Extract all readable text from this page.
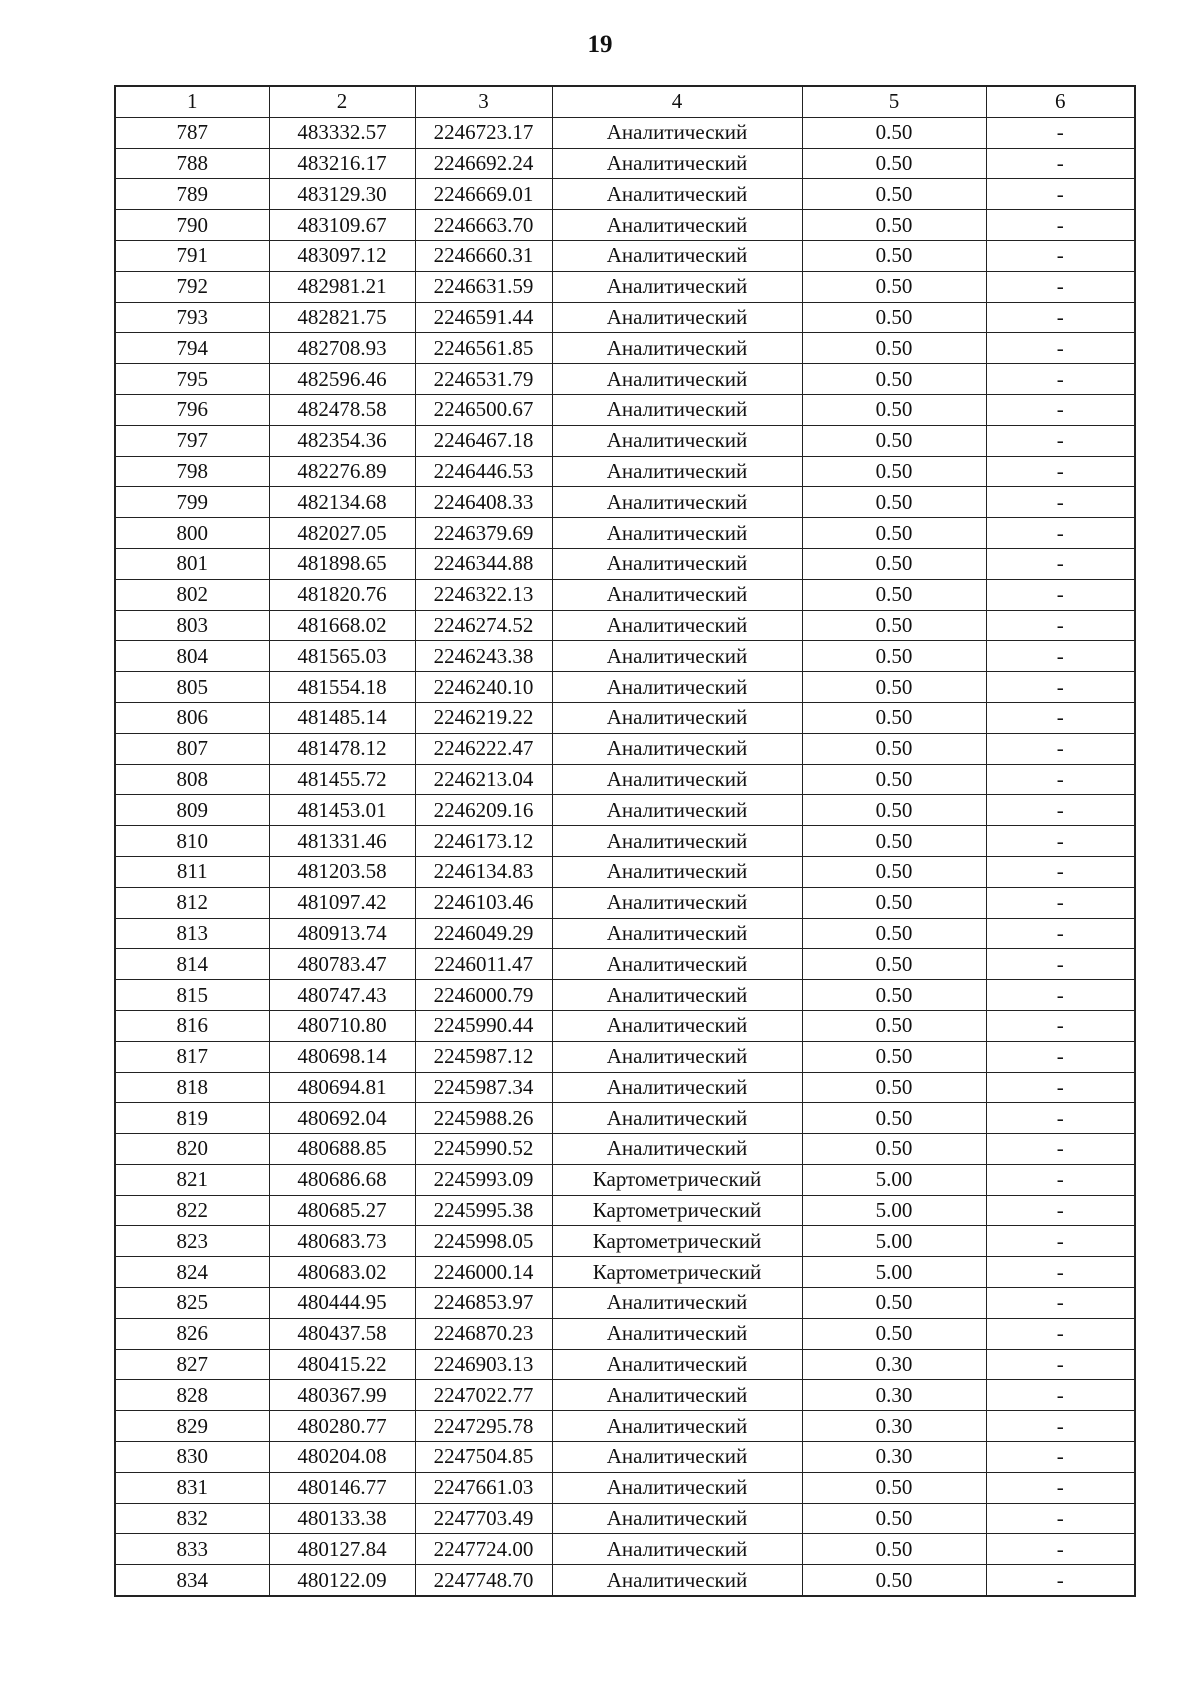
19
1	2	3	4	5	6
787	483332.57	2246723.17	Аналитический	0.50	-
788	483216.17	2246692.24	Аналитический	0.50	-
789	483129.30	2246669.01	Аналитический	0.50	-
790	483109.67	2246663.70	Аналитический	0.50	-
791	483097.12	2246660.31	Аналитический	0.50	-
792	482981.21	2246631.59	Аналитический	0.50	-
793	482821.75	2246591.44	Аналитический	0.50	-
794	482708.93	2246561.85	Аналитический	0.50	-
795	482596.46	2246531.79	Аналитический	0.50	-
796	482478.58	2246500.67	Аналитический	0.50	-
797	482354.36	2246467.18	Аналитический	0.50	-
798	482276.89	2246446.53	Аналитический	0.50	-
799	482134.68	2246408.33	Аналитический	0.50	-
800	482027.05	2246379.69	Аналитический	0.50	-
801	481898.65	2246344.88	Аналитический	0.50	-
802	481820.76	2246322.13	Аналитический	0.50	-
803	481668.02	2246274.52	Аналитический	0.50	-
804	481565.03	2246243.38	Аналитический	0.50	-
805	481554.18	2246240.10	Аналитический	0.50	-
806	481485.14	2246219.22	Аналитический	0.50	-
807	481478.12	2246222.47	Аналитический	0.50	-
808	481455.72	2246213.04	Аналитический	0.50	-
809	481453.01	2246209.16	Аналитический	0.50	-
810	481331.46	2246173.12	Аналитический	0.50	-
811	481203.58	2246134.83	Аналитический	0.50	-
812	481097.42	2246103.46	Аналитический	0.50	-
813	480913.74	2246049.29	Аналитический	0.50	-
814	480783.47	2246011.47	Аналитический	0.50	-
815	480747.43	2246000.79	Аналитический	0.50	-
816	480710.80	2245990.44	Аналитический	0.50	-
817	480698.14	2245987.12	Аналитический	0.50	-
818	480694.81	2245987.34	Аналитический	0.50	-
819	480692.04	2245988.26	Аналитический	0.50	-
820	480688.85	2245990.52	Аналитический	0.50	-
821	480686.68	2245993.09	Картометрический	5.00	-
822	480685.27	2245995.38	Картометрический	5.00	-
823	480683.73	2245998.05	Картометрический	5.00	-
824	480683.02	2246000.14	Картометрический	5.00	-
825	480444.95	2246853.97	Аналитический	0.50	-
826	480437.58	2246870.23	Аналитический	0.50	-
827	480415.22	2246903.13	Аналитический	0.30	-
828	480367.99	2247022.77	Аналитический	0.30	-
829	480280.77	2247295.78	Аналитический	0.30	-
830	480204.08	2247504.85	Аналитический	0.30	-
831	480146.77	2247661.03	Аналитический	0.50	-
832	480133.38	2247703.49	Аналитический	0.50	-
833	480127.84	2247724.00	Аналитический	0.50	-
834	480122.09	2247748.70	Аналитический	0.50	-
